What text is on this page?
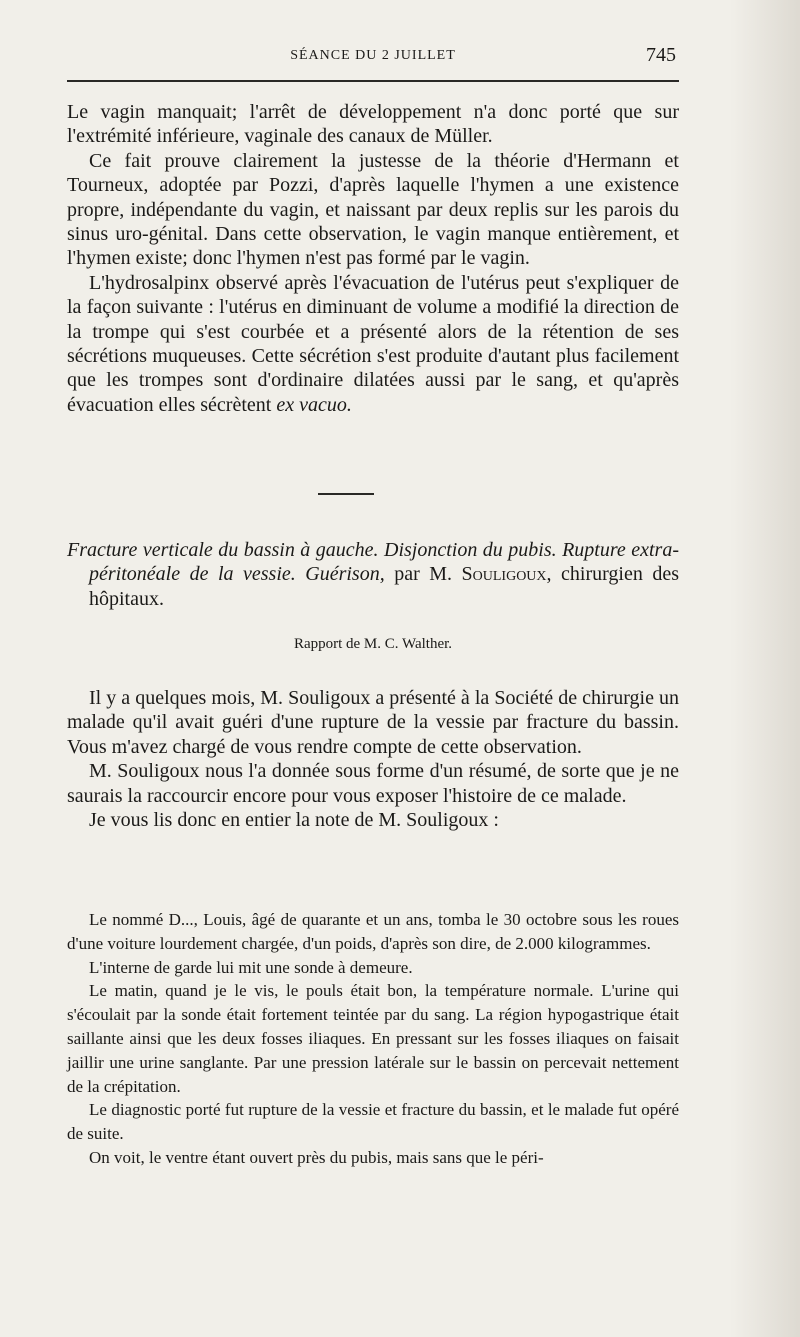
SÉANCE DU 2 JUILLET	745

Le vagin manquait; l'arrêt de développement n'a donc porté que sur l'extrémité inférieure, vaginale des canaux de Müller.

Ce fait prouve clairement la justesse de la théorie d'Hermann et Tourneux, adoptée par Pozzi, d'après laquelle l'hymen a une existence propre, indépendante du vagin, et naissant par deux replis sur les parois du sinus uro-génital. Dans cette observation, le vagin manque entièrement, et l'hymen existe; donc l'hymen n'est pas formé par le vagin.

L'hydrosalpinx observé après l'évacuation de l'utérus peut s'expliquer de la façon suivante : l'utérus en diminuant de volume a modifié la direction de la trompe qui s'est courbée et a présenté alors de la rétention de ses sécrétions muqueuses. Cette sécrétion s'est produite d'autant plus facilement que les trompes sont d'ordinaire dilatées aussi par le sang, et qu'après évacuation elles sécrètent ex vacuo.

Fracture verticale du bassin à gauche. Disjonction du pubis. Rupture extra-péritonéale de la vessie. Guérison, par M. Souligoux, chirurgien des hôpitaux.

Rapport de M. C. Walther.

Il y a quelques mois, M. Souligoux a présenté à la Société de chirurgie un malade qu'il avait guéri d'une rupture de la vessie par fracture du bassin. Vous m'avez chargé de vous rendre compte de cette observation.

M. Souligoux nous l'a donnée sous forme d'un résumé, de sorte que je ne saurais la raccourcir encore pour vous exposer l'histoire de ce malade.

Je vous lis donc en entier la note de M. Souligoux :

Le nommé D..., Louis, âgé de quarante et un ans, tomba le 30 octobre sous les roues d'une voiture lourdement chargée, d'un poids, d'après son dire, de 2.000 kilogrammes.

L'interne de garde lui mit une sonde à demeure.

Le matin, quand je le vis, le pouls était bon, la température normale. L'urine qui s'écoulait par la sonde était fortement teintée par du sang. La région hypogastrique était saillante ainsi que les deux fosses iliaques. En pressant sur les fosses iliaques on faisait jaillir une urine sanglante. Par une pression latérale sur le bassin on percevait nettement de la crépitation.

Le diagnostic porté fut rupture de la vessie et fracture du bassin, et le malade fut opéré de suite.

On voit, le ventre étant ouvert près du pubis, mais sans que le péri-
